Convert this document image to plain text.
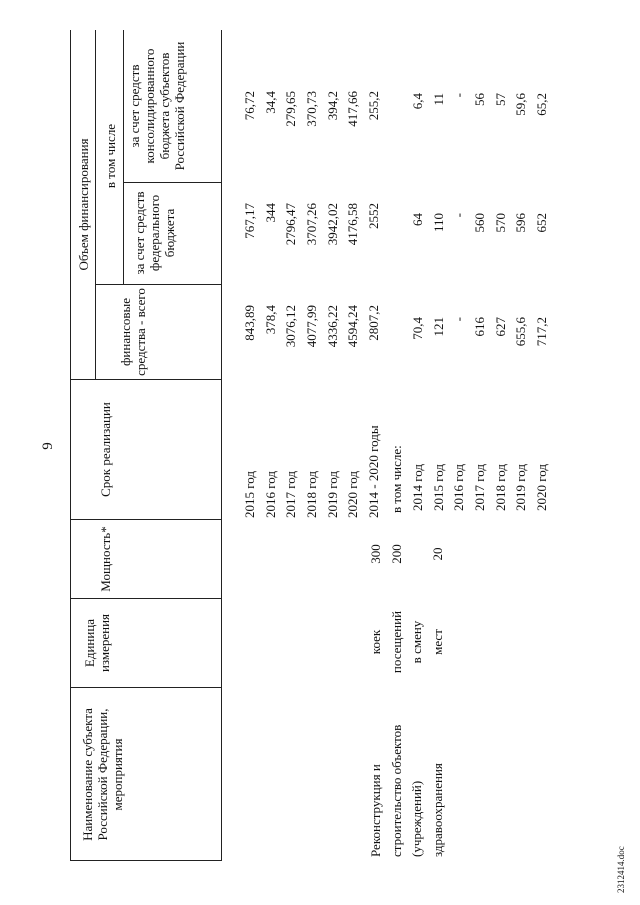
9
Наименование субъекта Российской Федерации, мероприятия
Единица измерения
Мощность*
Срок реализации
Объем финансирования
финансовые средства - всего
в том числе
за счет средств федерального бюджета
за счет средств консолидированного бюджета субъектов Российской Федерации
2015 год 2016 год 2017 год 2018 год 2019 год 2020 год 2014 - 2020 годы
843,89 378,4 3076,12 4077,99 4336,22 4594,24 2807,2
767,17 344 2796,47 3707,26 3942,02 4176,58 2552
76,72 34,4 279,65 370,73 394,2 417,66 255,2
Реконструкция и строительство объектов (учреждений) здравоохранения
коек посещений в смену мест
300 200 20
в том числе: 2014 год 2015 год 2016 год 2017 год 2018 год 2019 год 2020 год
70,4 121 - 616 627 655,6 717,2
64 110 - 560 570 596 652
6,4 11 - 56 57 59,6 65,2
2312414.doc
